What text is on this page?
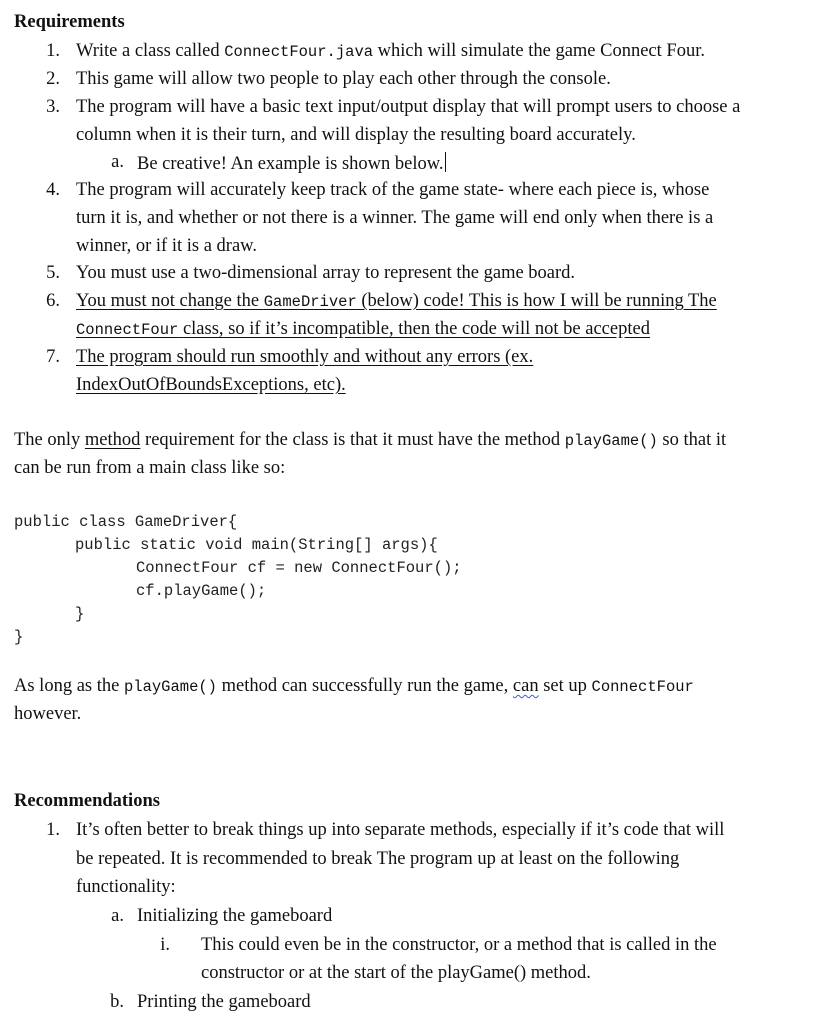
Requirements
1. Write a class called ConnectFour.java which will simulate the game Connect Four.
2. This game will allow two people to play each other through the console.
3. The program will have a basic text input/output display that will prompt users to choose a
column when it is their turn, and will display the resulting board accurately.
a. Be creative! An example is shown below.
4. The program will accurately keep track of the game state- where each piece is, whose
turn it is, and whether or not there is a winner. The game will end only when there is a
winner, or if it is a draw.
5. You must use a two-dimensional array to represent the game board.
6. You must not change the GameDriver (below) code! This is how I will be running The
ConnectFour class, so if it’s incompatible, then the code will not be accepted
7. The program should run smoothly and without any errors (ex.
IndexOutOfBoundsExceptions, etc).
The only method requirement for the class is that it must have the method playGame() so that it
can be run from a main class like so:
public class GameDriver{
public static void main(String[] args){
ConnectFour cf = new ConnectFour();
cf.playGame();
}
}
As long as the playGame() method can successfully run the game, can set up ConnectFour
however.
Recommendations
1. It’s often better to break things up into separate methods, especially if it’s code that will
be repeated. It is recommended to break The program up at least on the following
functionality:
a. Initializing the gameboard
i. This could even be in the constructor, or a method that is called in the
constructor or at the start of the playGame() method.
b. Printing the gameboard
